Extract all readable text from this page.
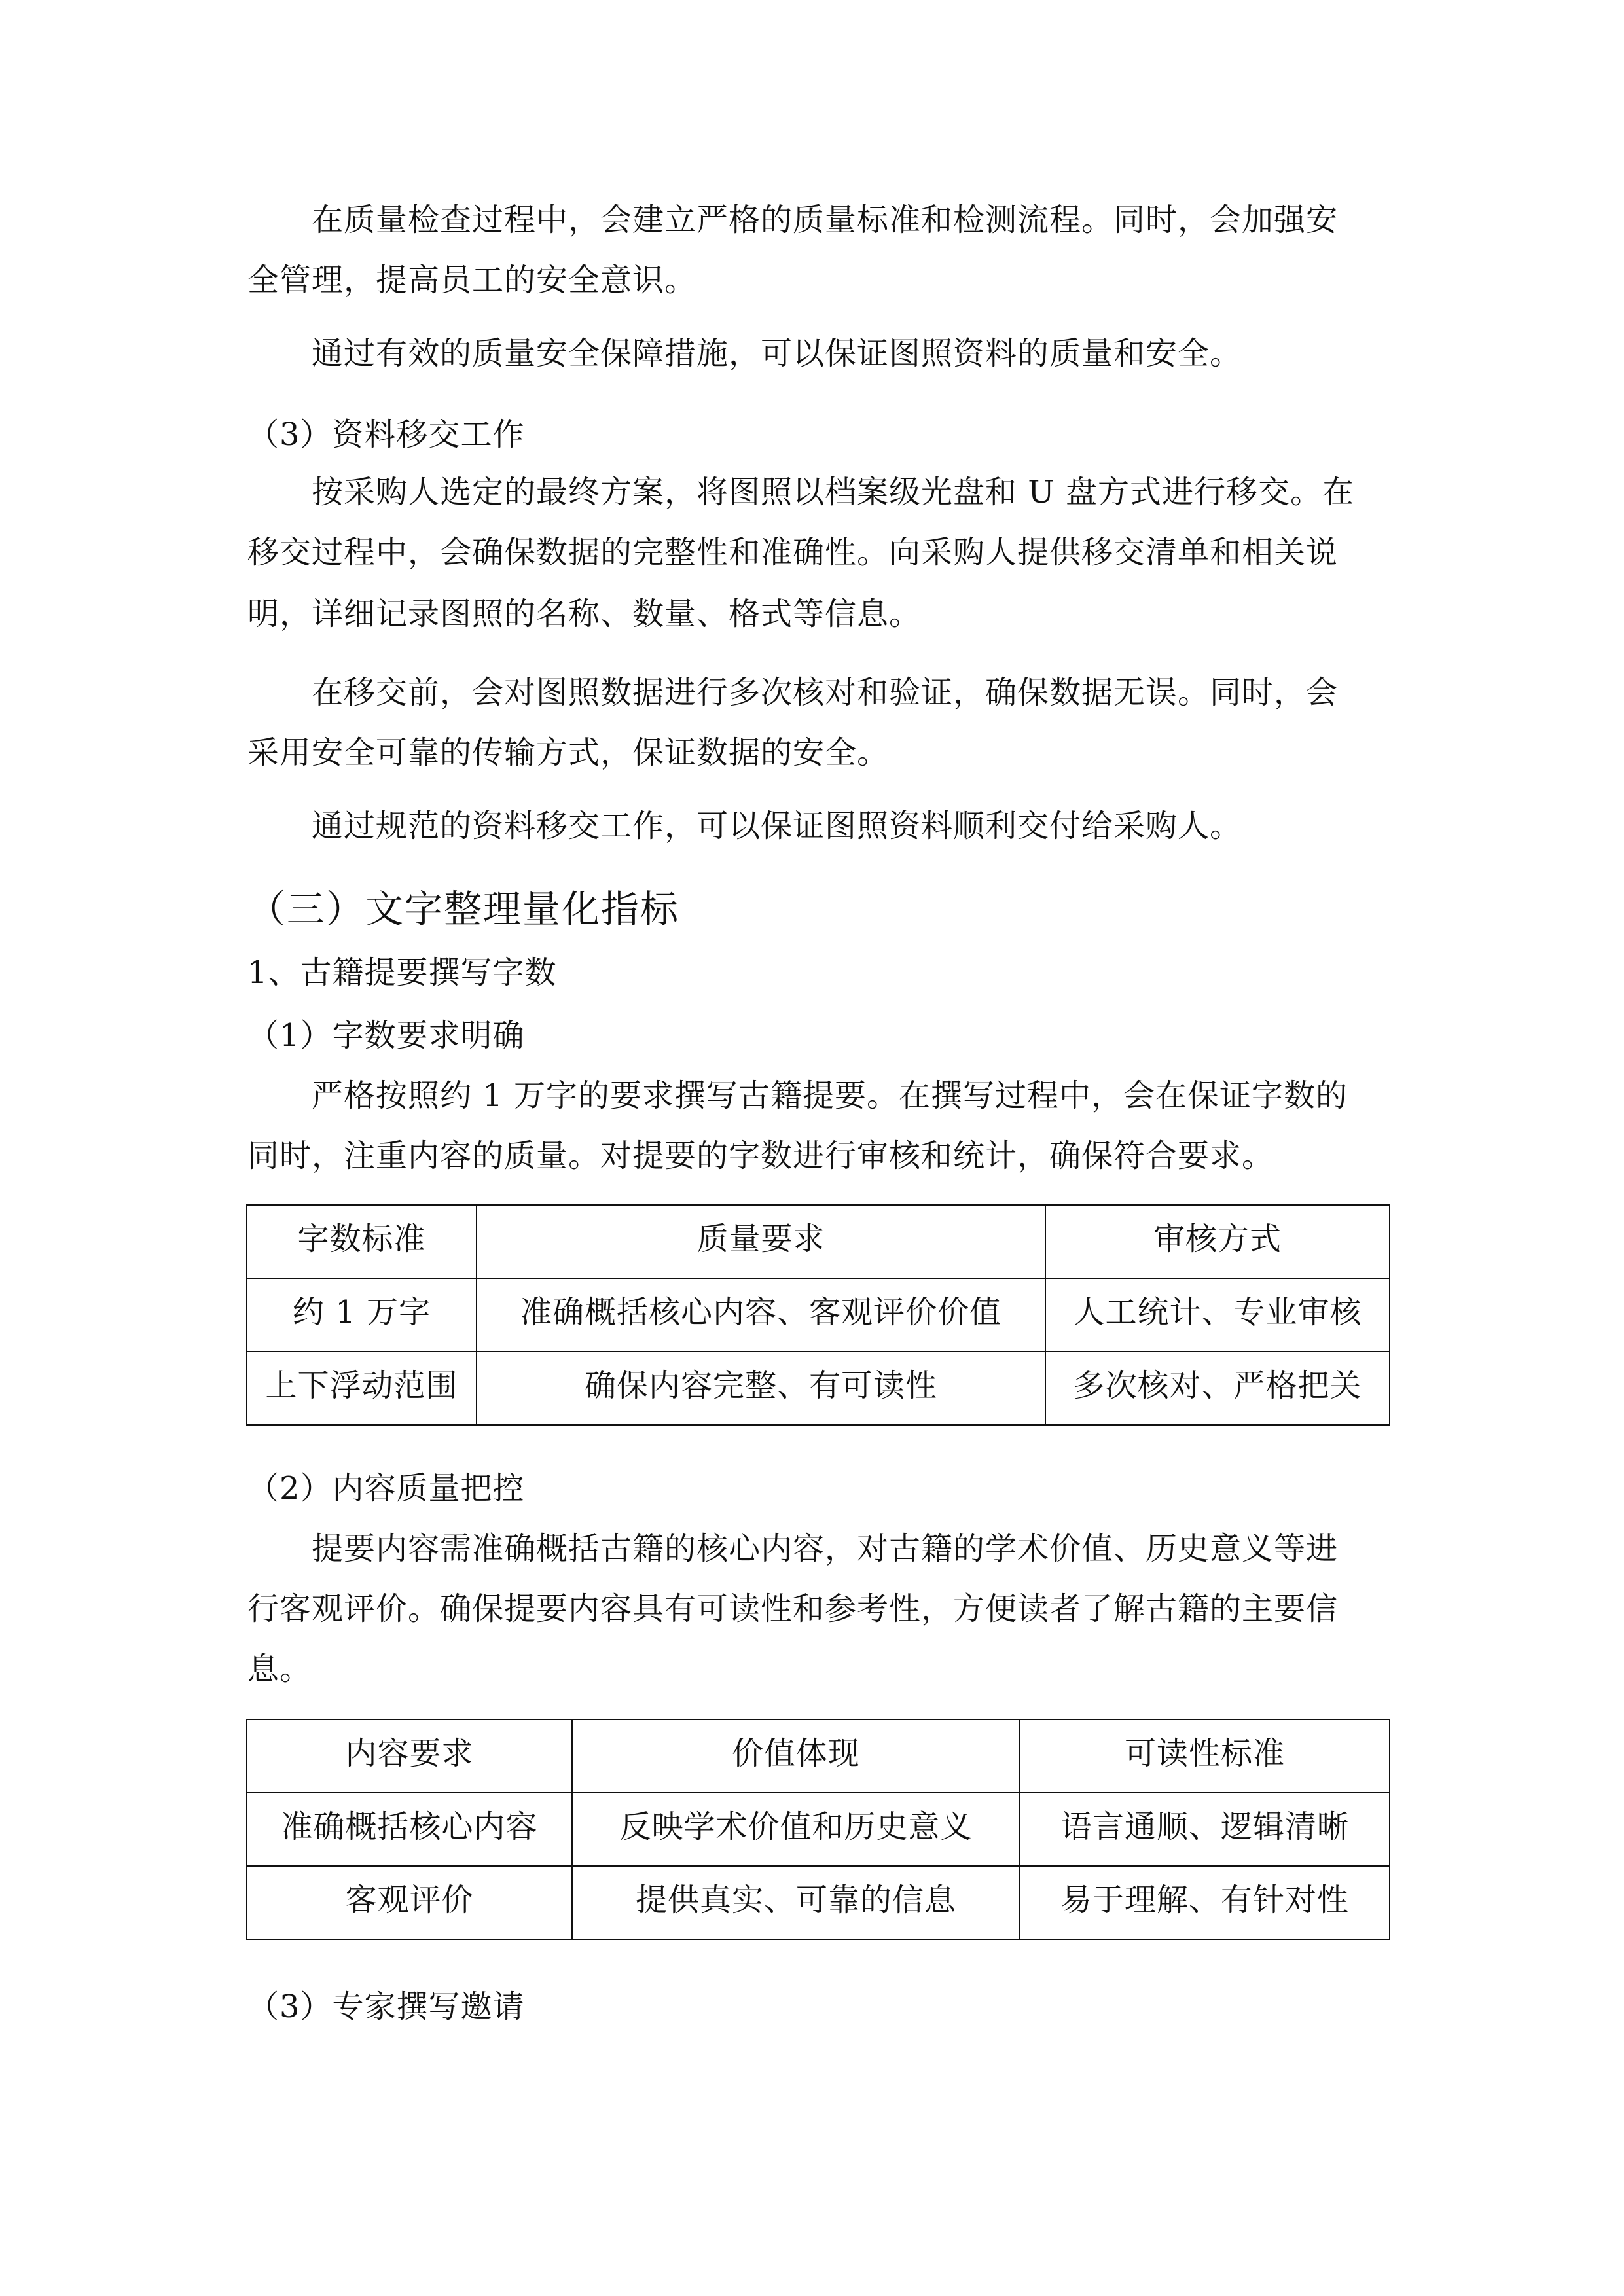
在质量检查过程中，会建立严格的质量标准和检测流程。同时，会加强安
全管理，提高员工的安全意识。
通过有效的质量安全保障措施，可以保证图照资料的质量和安全。
（3）资料移交工作
按采购人选定的最终方案，将图照以档案级光盘和 U 盘方式进行移交。在
移交过程中，会确保数据的完整性和准确性。向采购人提供移交清单和相关说
明，详细记录图照的名称、数量、格式等信息。
在移交前，会对图照数据进行多次核对和验证，确保数据无误。同时，会
采用安全可靠的传输方式，保证数据的安全。
通过规范的资料移交工作，可以保证图照资料顺利交付给采购人。
（三）文字整理量化指标
1、古籍提要撰写字数
（1）字数要求明确
严格按照约 1 万字的要求撰写古籍提要。在撰写过程中，会在保证字数的
同时，注重内容的质量。对提要的字数进行审核和统计，确保符合要求。
字数标准	质量要求	审核方式
约 1 万字	准确概括核心内容、客观评价价值	人工统计、专业审核
上下浮动范围	确保内容完整、有可读性	多次核对、严格把关
（2）内容质量把控
提要内容需准确概括古籍的核心内容，对古籍的学术价值、历史意义等进
行客观评价。确保提要内容具有可读性和参考性，方便读者了解古籍的主要信
息。
内容要求	价值体现	可读性标准
准确概括核心内容	反映学术价值和历史意义	语言通顺、逻辑清晰
客观评价	提供真实、可靠的信息	易于理解、有针对性
（3）专家撰写邀请
